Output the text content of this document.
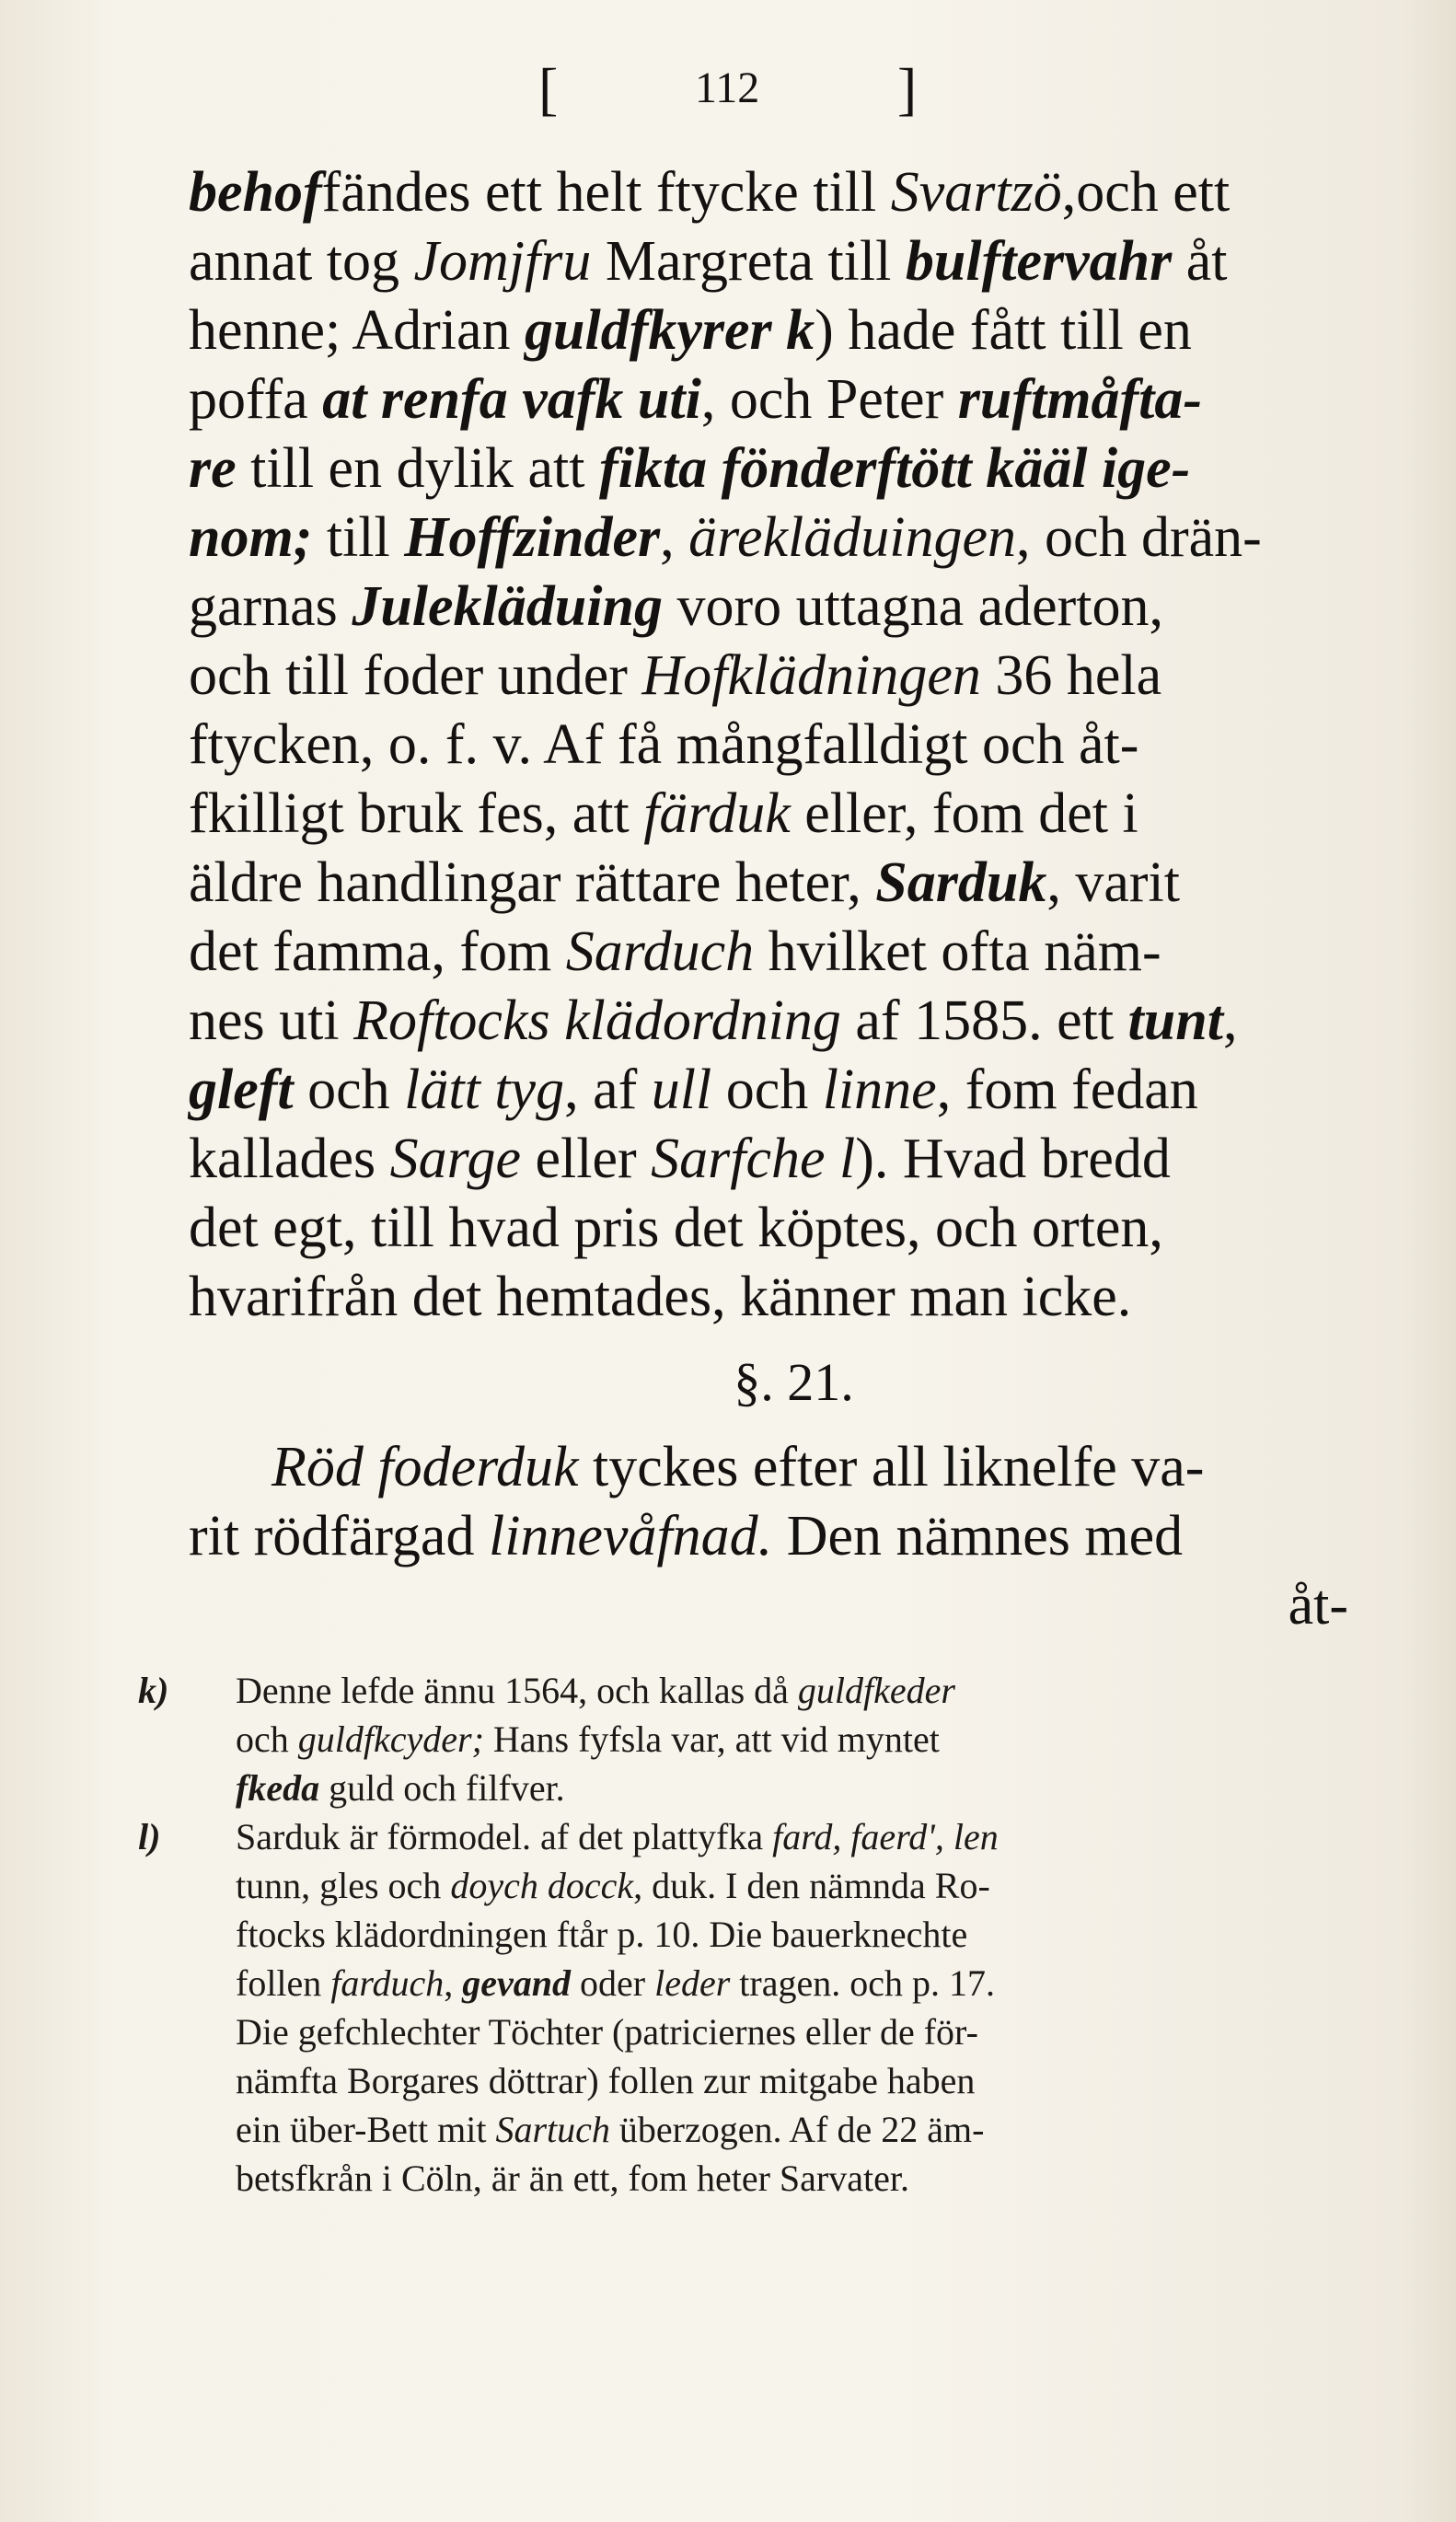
[	112 ]
behoffändes ett helt ftycke till Svartzö,och ett
annat tog Jomjfru Margreta till bulftervahr åt
henne; Adrian guldfkyrer k) hade fått till en
poffa at renfa vafk uti, och Peter ruftmåfta-
re till en dylik att fikta fönderftött kääl ige-
nom; till Hoffzinder, ärekläduingen, och drän-
garnas Julekläduing voro uttagna aderton,
och till foder under Hofklädningen 36 hela
ftycken, o. f. v. Af få mångfalldigt och åt-
fkilligt bruk fes, att färduk eller, fom det i
äldre handlingar rättare heter, Sarduk, varit
det famma, fom Sarduch hvilket ofta näm-
nes uti Roftocks klädordning af 1585. ett tunt,
gleft och lätt tyg, af ull och linne, fom fedan
kallades Sarge eller Sarfche l). Hvad bredd
det egt, till hvad pris det köptes, och orten,
hvarifrån det hemtades, känner man icke.
§. 21.
Röd foderduk tyckes efter all liknelfe va-
rit rödfärgad linnevåfnad. Den nämnes med
åt-
k) Denne lefde ännu 1564, och kallas då guldfkeder
och guldfkcyder; Hans fyfsla var, att vid myntet
fkeda guld och filfver.
l) Sarduk är förmodel. af det plattyfka fard, faerd', len
tunn, gles och doych docck, duk. I den nämnda Ro-
ftocks klädordningen ftår p. 10. Die bauerknechte
follen farduch, gevand oder leder tragen. och p. 17.
Die gefchlechter Töchter (patriciernes eller de för-
nämfta Borgares döttrar) follen zur mitgabe haben
ein über-Bett mit Sartuch überzogen. Af de 22 äm-
betsfkrån i Cöln, är än ett, fom heter Sarvater.
